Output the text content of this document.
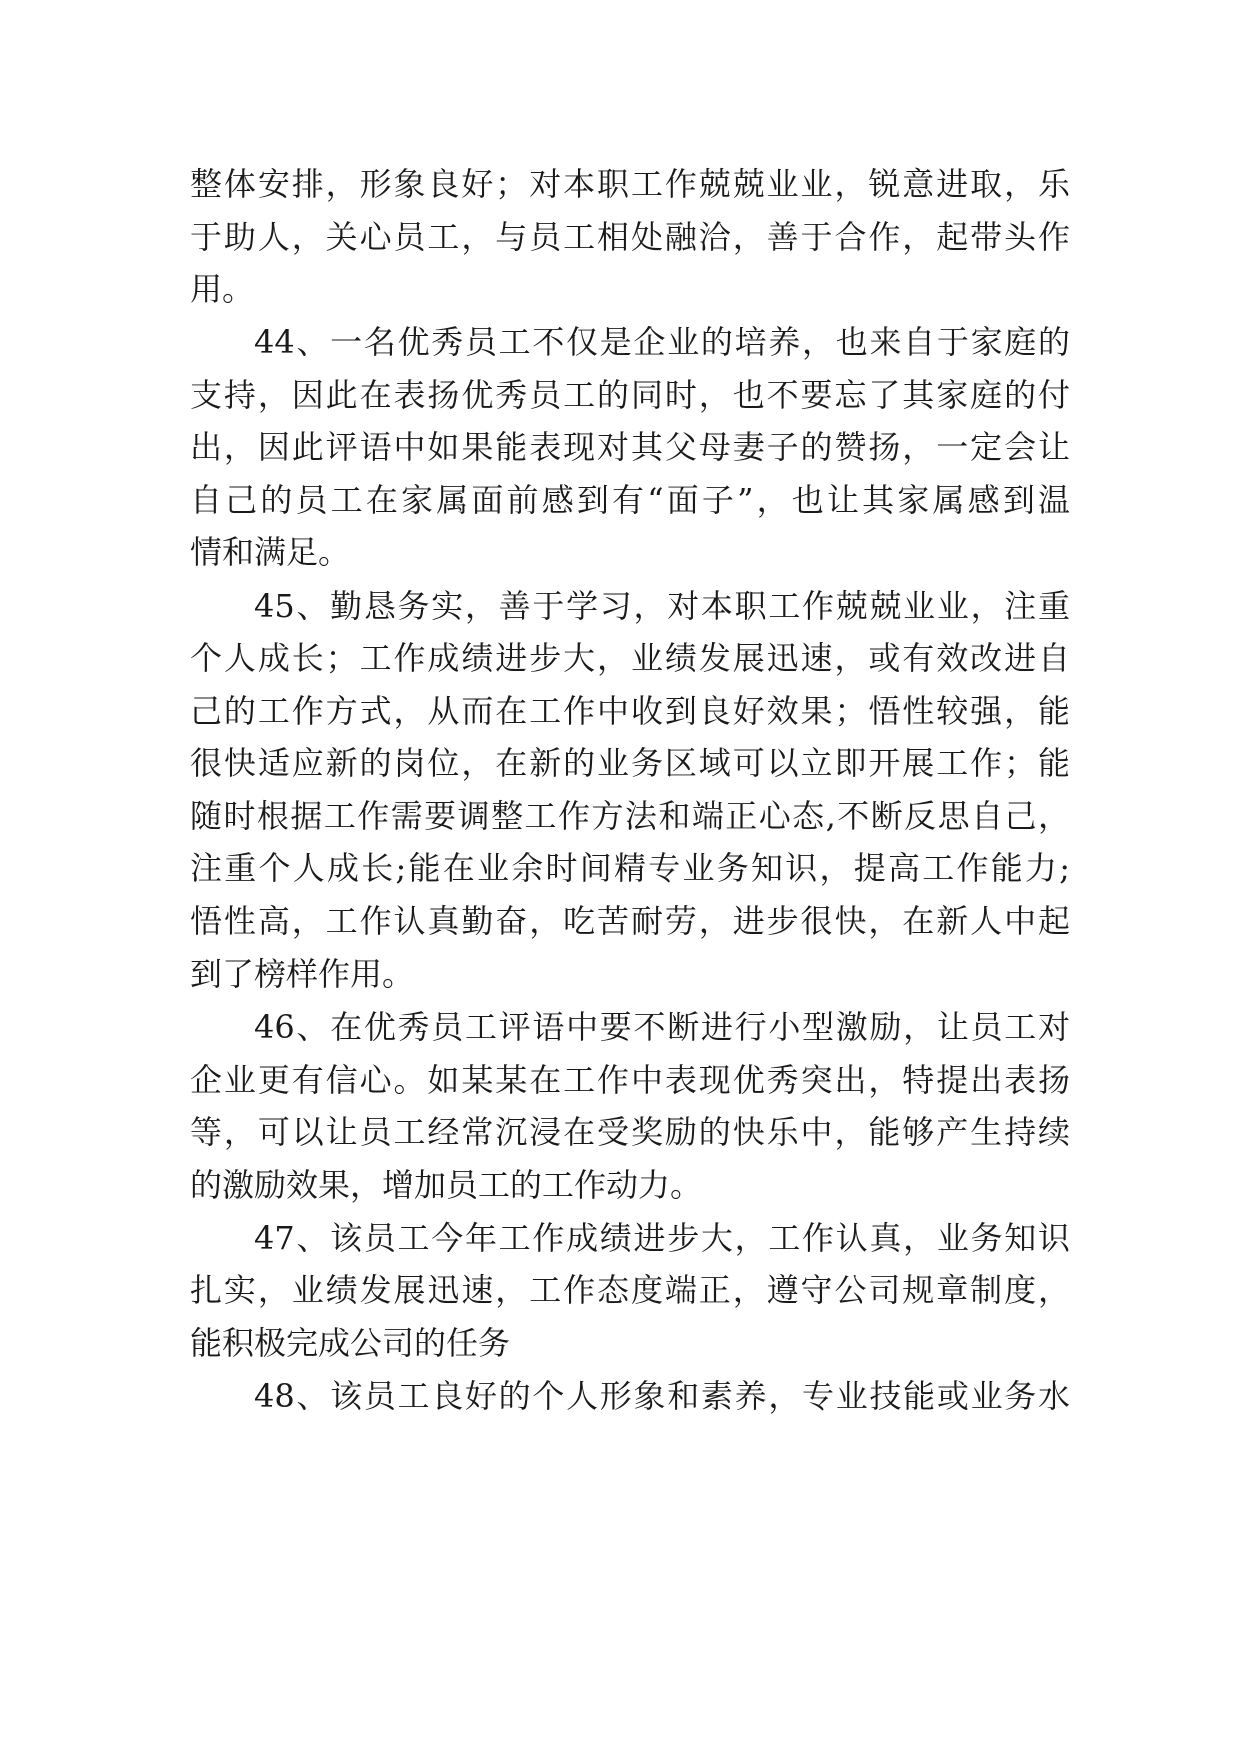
整体安排，形象良好；对本职工作兢兢业业，锐意进取，乐
于助人，关心员工，与员工相处融洽，善于合作，起带头作
用。
44、一名优秀员工不仅是企业的培养，也来自于家庭的
支持，因此在表扬优秀员工的同时，也不要忘了其家庭的付
出，因此评语中如果能表现对其父母妻子的赞扬，一定会让
自己的员工在家属面前感到有“面子”，也让其家属感到温
情和满足。
45、勤恳务实，善于学习，对本职工作兢兢业业，注重
个人成长；工作成绩进步大，业绩发展迅速，或有效改进自
己的工作方式，从而在工作中收到良好效果；悟性较强，能
很快适应新的岗位，在新的业务区域可以立即开展工作；能
随时根据工作需要调整工作方法和端正心态,不断反思自己，
注重个人成长;能在业余时间精专业务知识，提高工作能力;
悟性高，工作认真勤奋，吃苦耐劳，进步很快，在新人中起
到了榜样作用。
46、在优秀员工评语中要不断进行小型激励，让员工对
企业更有信心。如某某在工作中表现优秀突出，特提出表扬
等，可以让员工经常沉浸在受奖励的快乐中，能够产生持续
的激励效果，增加员工的工作动力。
47、该员工今年工作成绩进步大，工作认真，业务知识
扎实，业绩发展迅速，工作态度端正，遵守公司规章制度，
能积极完成公司的任务
48、该员工良好的个人形象和素养，专业技能或业务水
